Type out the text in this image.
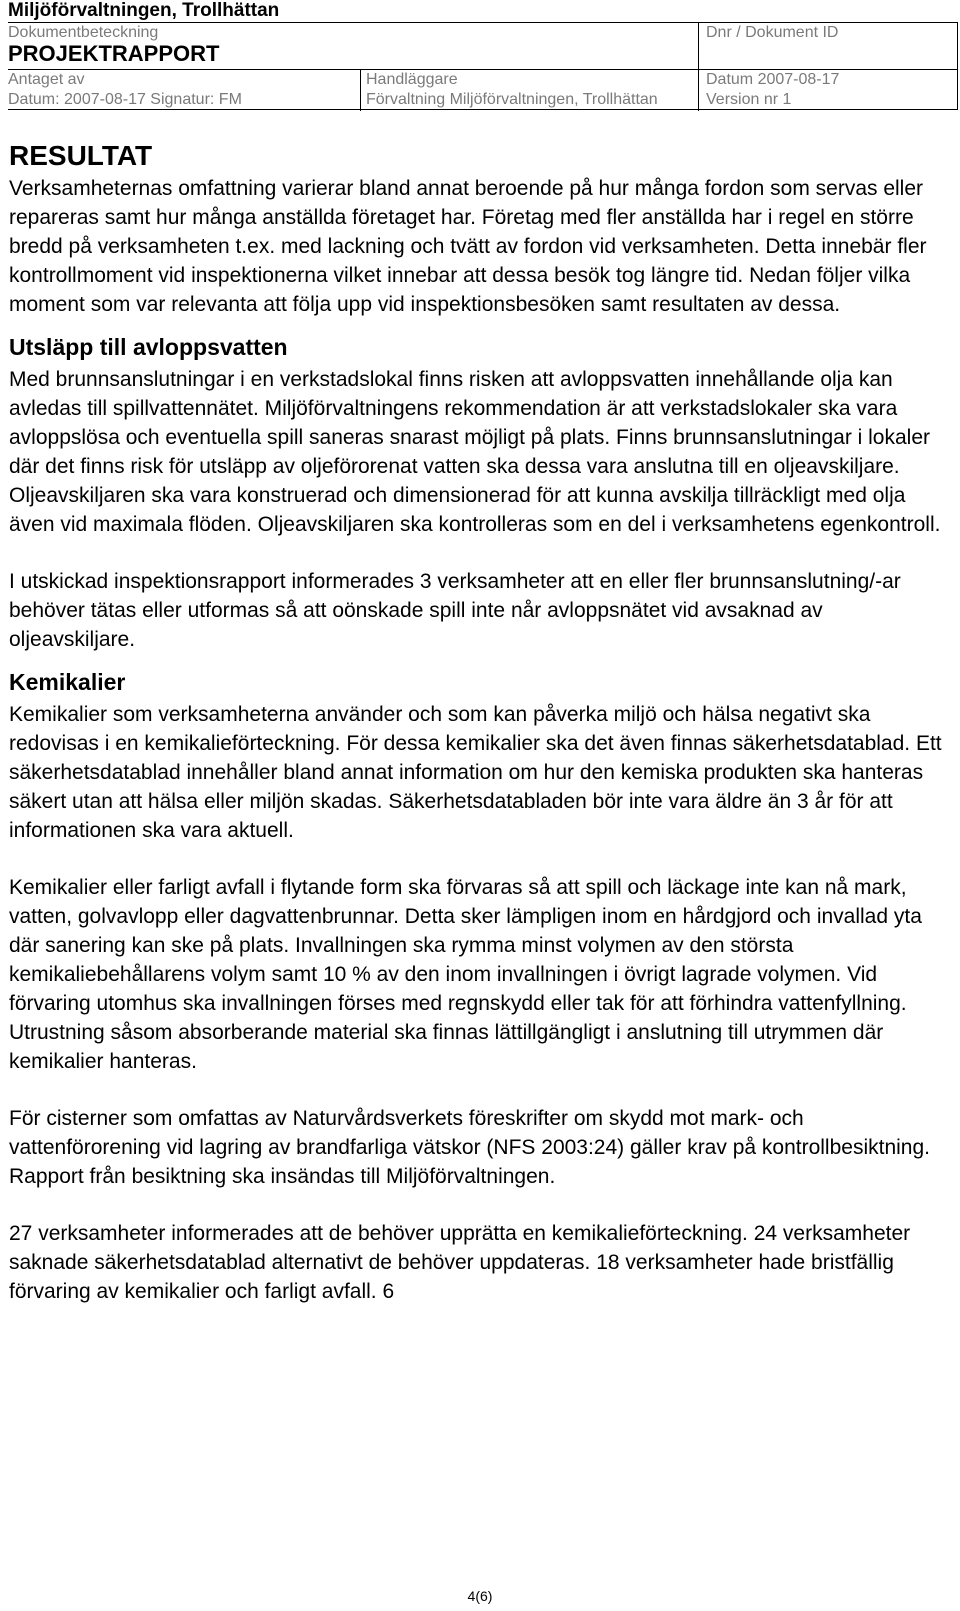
Miljöförvaltningen, Trollhättan
Dokumentbeteckning
PROJEKTRAPPORT
Dnr / Dokument ID
Antaget av
Datum: 2007-08-17 Signatur: FM
Handläggare
Förvaltning Miljöförvaltningen, Trollhättan
Datum 2007-08-17
Version nr 1
RESULTAT

Verksamheternas omfattning varierar bland annat beroende på hur många fordon som servas eller repareras samt hur många anställda företaget har. Företag med fler anställda har i regel en större bredd på verksamheten t.ex. med lackning och tvätt av fordon vid verksamheten. Detta innebär fler kontrollmoment vid inspektionerna vilket innebar att dessa besök tog längre tid. Nedan följer vilka moment som var relevanta att följa upp vid inspektionsbesöken samt resultaten av dessa.

Utsläpp till avloppsvatten

Med brunnsanslutningar i en verkstadslokal finns risken att avloppsvatten innehållande olja kan avledas till spillvattennätet. Miljöförvaltningens rekommendation är att verkstadslokaler ska vara avloppslösa och eventuella spill saneras snarast möjligt på plats. Finns brunnsanslutningar i lokaler där det finns risk för utsläpp av oljeförorenat vatten ska dessa vara anslutna till en oljeavskiljare. Oljeavskiljaren ska vara konstruerad och dimensionerad för att kunna avskilja tillräckligt med olja även vid maximala flöden. Oljeavskiljaren ska kontrolleras som en del i verksamhetens egenkontroll.

I utskickad inspektionsrapport informerades 3 verksamheter att en eller fler brunnsanslutning/-ar behöver tätas eller utformas så att oönskade spill inte når avloppsnätet vid avsaknad av oljeavskiljare.

Kemikalier

Kemikalier som verksamheterna använder och som kan påverka miljö och hälsa negativt ska redovisas i en kemikalieförteckning. För dessa kemikalier ska det även finnas säkerhetsdatablad. Ett säkerhetsdatablad innehåller bland annat information om hur den kemiska produkten ska hanteras säkert utan att hälsa eller miljön skadas. Säkerhetsdatabladen bör inte vara äldre än 3 år för att informationen ska vara aktuell.

Kemikalier eller farligt avfall i flytande form ska förvaras så att spill och läckage inte kan nå mark, vatten, golvavlopp eller dagvattenbrunnar. Detta sker lämpligen inom en hårdgjord och invallad yta där sanering kan ske på plats. Invallningen ska rymma minst volymen av den största kemikaliebehållarens volym samt 10 % av den inom invallningen i övrigt lagrade volymen. Vid förvaring utomhus ska invallningen förses med regnskydd eller tak för att förhindra vattenfyllning. Utrustning såsom absorberande material ska finnas lättillgängligt i anslutning till utrymmen där kemikalier hanteras.

För cisterner som omfattas av Naturvårdsverkets föreskrifter om skydd mot mark- och vattenförorening vid lagring av brandfarliga vätskor (NFS 2003:24) gäller krav på kontrollbesiktning. Rapport från besiktning ska insändas till Miljöförvaltningen.

27 verksamheter informerades att de behöver upprätta en kemikalieförteckning. 24 verksamheter saknade säkerhetsdatablad alternativt de behöver uppdateras. 18 verksamheter hade bristfällig förvaring av kemikalier och farligt avfall. 6

4(6)
